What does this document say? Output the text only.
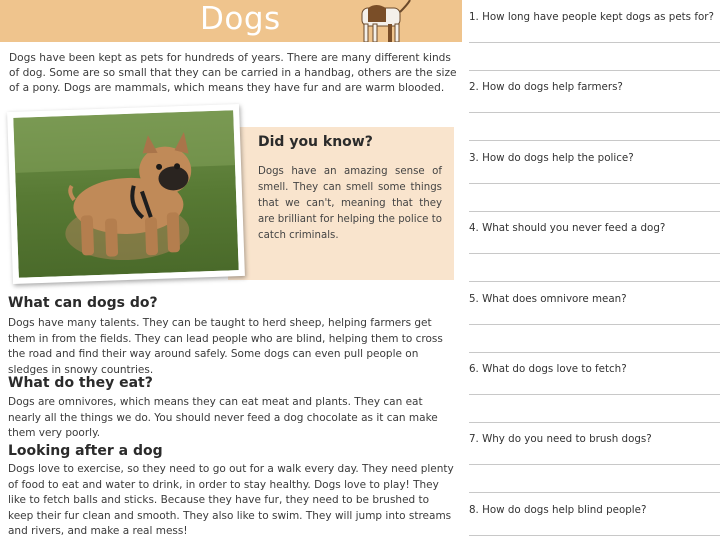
Dogs

Dogs have been kept as pets for hundreds of years. There are many different kinds of dog. Some are so small that they can be carried in a handbag, others are the size of a pony. Dogs are mammals, which means they have fur and are warm blooded.

Did you know?

Dogs have an amazing sense of smell. They can smell some things that we can't, meaning that they are brilliant for helping the police to catch criminals.

What can dogs do?

Dogs have many talents. They can be taught to herd sheep, helping farmers get them in from the fields. They can lead people who are blind, helping them to cross the road and find their way around safely. Some dogs can even pull people on sledges in snowy countries.

What do they eat?

Dogs are omnivores, which means they can eat meat and plants. They can eat nearly all the things we do. You should never feed a dog chocolate as it can make them very poorly.

Looking after a dog

Dogs love to exercise, so they need to go out for a walk every day. They need plenty of food to eat and water to drink, in order to stay healthy. Dogs love to play! They like to fetch balls and sticks. Because they have fur, they need to be brushed to keep their fur clean and smooth. They also like to swim. They will jump into streams and rivers, and make a real mess!

1. How long have people kept dogs as pets for?

2. How do dogs help farmers?

3. How do dogs help the police?

4. What should you never feed a dog?

5. What does omnivore mean?

6. What do dogs love to fetch?

7. Why do you need to brush dogs?

8. How do dogs help blind people?
